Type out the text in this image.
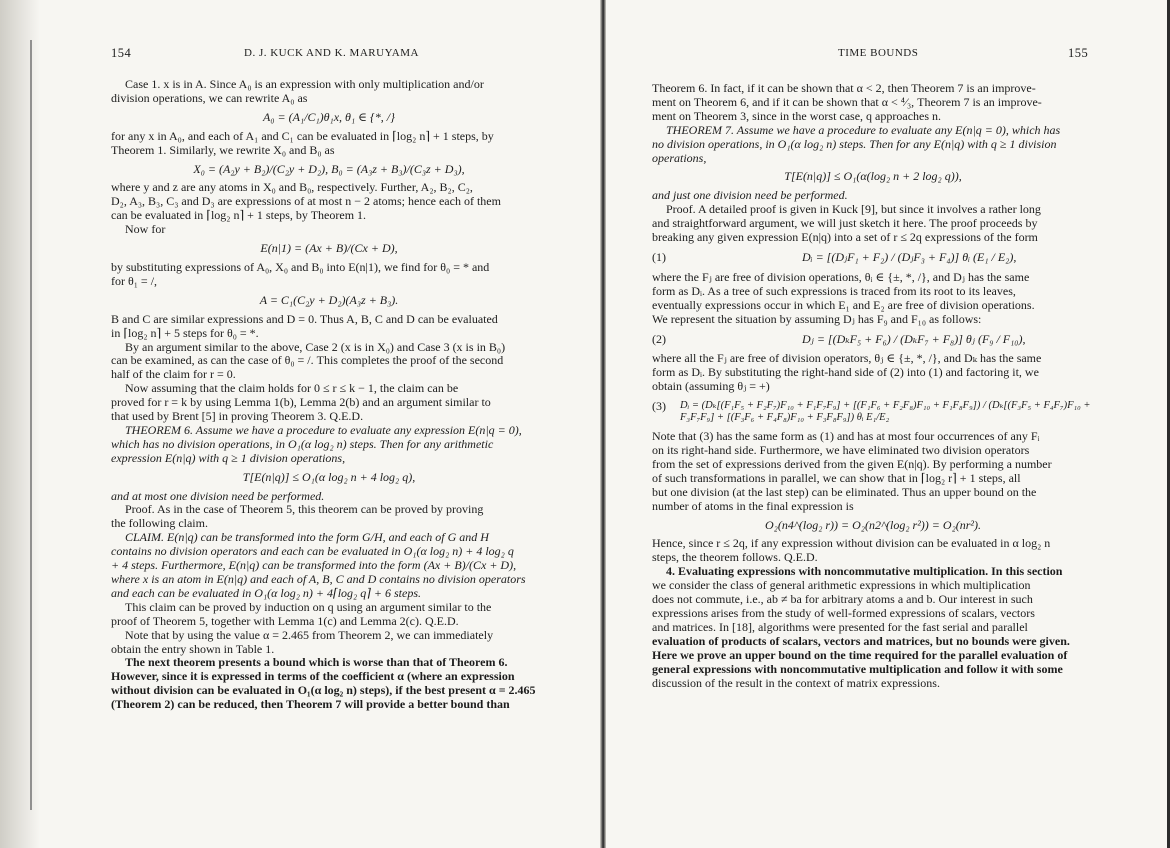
154	D. J. KUCK AND K. MARUYAMA

Case 1. x is in A. Since A₀ is an expression with only multiplication and/or

division operations, we can rewrite A₀ as

A₀ = (A₁/C₁)θ₁x, θ₁ ∈ {*, /}

for any x in A₀, and each of A₁ and C₁ can be evaluated in ⌈log₂ n⌉ + 1 steps, by

Theorem 1. Similarly, we rewrite X₀ and B₀ as

X₀ = (A₂y + B₂)/(C₂y + D₂), B₀ = (A₃z + B₃)/(C₃z + D₃),

where y and z are any atoms in X₀ and B₀, respectively. Further, A₂, B₂, C₂,

D₂, A₃, B₃, C₃ and D₃ are expressions of at most n − 2 atoms; hence each of them

can be evaluated in ⌈log₂ n⌉ + 1 steps, by Theorem 1.

Now for

E(n|1) = (Ax + B)/(Cx + D),

by substituting expressions of A₀, X₀ and B₀ into E(n|1), we find for θ₀ = * and

for θ₁ = /,

A = C₁(C₂y + D₂)(A₃z + B₃).

B and C are similar expressions and D = 0. Thus A, B, C and D can be evaluated

in ⌈log₂ n⌉ + 5 steps for θ₀ = *.

By an argument similar to the above, Case 2 (x is in X₀) and Case 3 (x is in B₀)

can be examined, as can the case of θ₀ = /. This completes the proof of the second

half of the claim for r = 0.

Now assuming that the claim holds for 0 ≤ r ≤ k − 1, the claim can be

proved for r = k by using Lemma 1(b), Lemma 2(b) and an argument similar to

that used by Brent [5] in proving Theorem 3. Q.E.D.

THEOREM 6. Assume we have a procedure to evaluate any expression E(n|q = 0),

which has no division operations, in O₁(α log₂ n) steps. Then for any arithmetic

expression E(n|q) with q ≥ 1 division operations,

T[E(n|q)] ≤ O₁(α log₂ n + 4 log₂ q),

and at most one division need be performed.

Proof. As in the case of Theorem 5, this theorem can be proved by proving

the following claim.

CLAIM. E(n|q) can be transformed into the form G/H, and each of G and H

contains no division operators and each can be evaluated in O₁(α log₂ n) + 4 log₂ q

+ 4 steps. Furthermore, E(n|q) can be transformed into the form (Ax + B)/(Cx + D),

where x is an atom in E(n|q) and each of A, B, C and D contains no division operators

and each can be evaluated in O₁(α log₂ n) + 4⌈log₂ q⌉ + 6 steps.

This claim can be proved by induction on q using an argument similar to the

proof of Theorem 5, together with Lemma 1(c) and Lemma 2(c). Q.E.D.

Note that by using the value α = 2.465 from Theorem 2, we can immediately

obtain the entry shown in Table 1.

The next theorem presents a bound which is worse than that of Theorem 6.

However, since it is expressed in terms of the coefficient α (where an expression

without division can be evaluated in O₁(α log₂ n) steps), if the best present α = 2.465

(Theorem 2) can be reduced, then Theorem 7 will provide a better bound than

TIME BOUNDS	155

Theorem 6. In fact, if it can be shown that α < 2, then Theorem 7 is an improve-

ment on Theorem 6, and if it can be shown that α < ⁴⁄₃, Theorem 7 is an improve-

ment on Theorem 3, since in the worst case, q approaches n.

THEOREM 7. Assume we have a procedure to evaluate any E(n|q = 0), which has

no division operations, in O₁(α log₂ n) steps. Then for any E(n|q) with q ≥ 1 division

operations,

T[E(n|q)] ≤ O₁(α(log₂ n + 2 log₂ q)),

and just one division need be performed.

Proof. A detailed proof is given in Kuck [9], but since it involves a rather long

and straightforward argument, we will just sketch it here. The proof proceeds by

breaking any given expression E(n|q) into a set of r ≤ 2q expressions of the form

(1)	Dᵢ = [(DⱼF₁ + F₂) / (DⱼF₃ + F₄)] θᵢ (E₁ / E₂),

where the Fⱼ are free of division operations, θᵢ ∈ {±, *, /}, and Dⱼ has the same

form as Dᵢ. As a tree of such expressions is traced from its root to its leaves,

eventually expressions occur in which E₁ and E₂ are free of division operations.

We represent the situation by assuming Dⱼ has F₉ and F₁₀ as follows:

(2)	Dⱼ = [(DₖF₅ + F₆) / (DₖF₇ + F₈)] θⱼ (F₉ / F₁₀),

where all the Fⱼ are free of division operators, θⱼ ∈ {±, *, /}, and Dₖ has the same

form as Dᵢ. By substituting the right-hand side of (2) into (1) and factoring it, we

obtain (assuming θⱼ = +)

(3)	Dᵢ = (Dₖ[(F₁F₅ + F₂F₇)F₁₀ + F₁F₇F₉] + [(F₁F₆ + F₂F₈)F₁₀ + F₁F₈F₉]) / (Dₖ[(F₃F₅ + F₄F₇)F₁₀ + F₃F₇F₉] + [(F₃F₆ + F₄F₈)F₁₀ + F₃F₈F₉]) θᵢ E₁/E₂

Note that (3) has the same form as (1) and has at most four occurrences of any Fᵢ

on its right-hand side. Furthermore, we have eliminated two division operators

from the set of expressions derived from the given E(n|q). By performing a number

of such transformations in parallel, we can show that in ⌈log₂ r⌉ + 1 steps, all

but one division (at the last step) can be eliminated. Thus an upper bound on the

number of atoms in the final expression is

O₂(n4^(log₂ r)) = O₂(n2^(log₂ r²)) = O₂(nr²).

Hence, since r ≤ 2q, if any expression without division can be evaluated in α log₂ n

steps, the theorem follows. Q.E.D.

4. Evaluating expressions with noncommutative multiplication. In this section

we consider the class of general arithmetic expressions in which multiplication

does not commute, i.e., ab ≠ ba for arbitrary atoms a and b. Our interest in such

expressions arises from the study of well-formed expressions of scalars, vectors

and matrices. In [18], algorithms were presented for the fast serial and parallel

evaluation of products of scalars, vectors and matrices, but no bounds were given.

Here we prove an upper bound on the time required for the parallel evaluation of

general expressions with noncommutative multiplication and follow it with some

discussion of the result in the context of matrix expressions.
